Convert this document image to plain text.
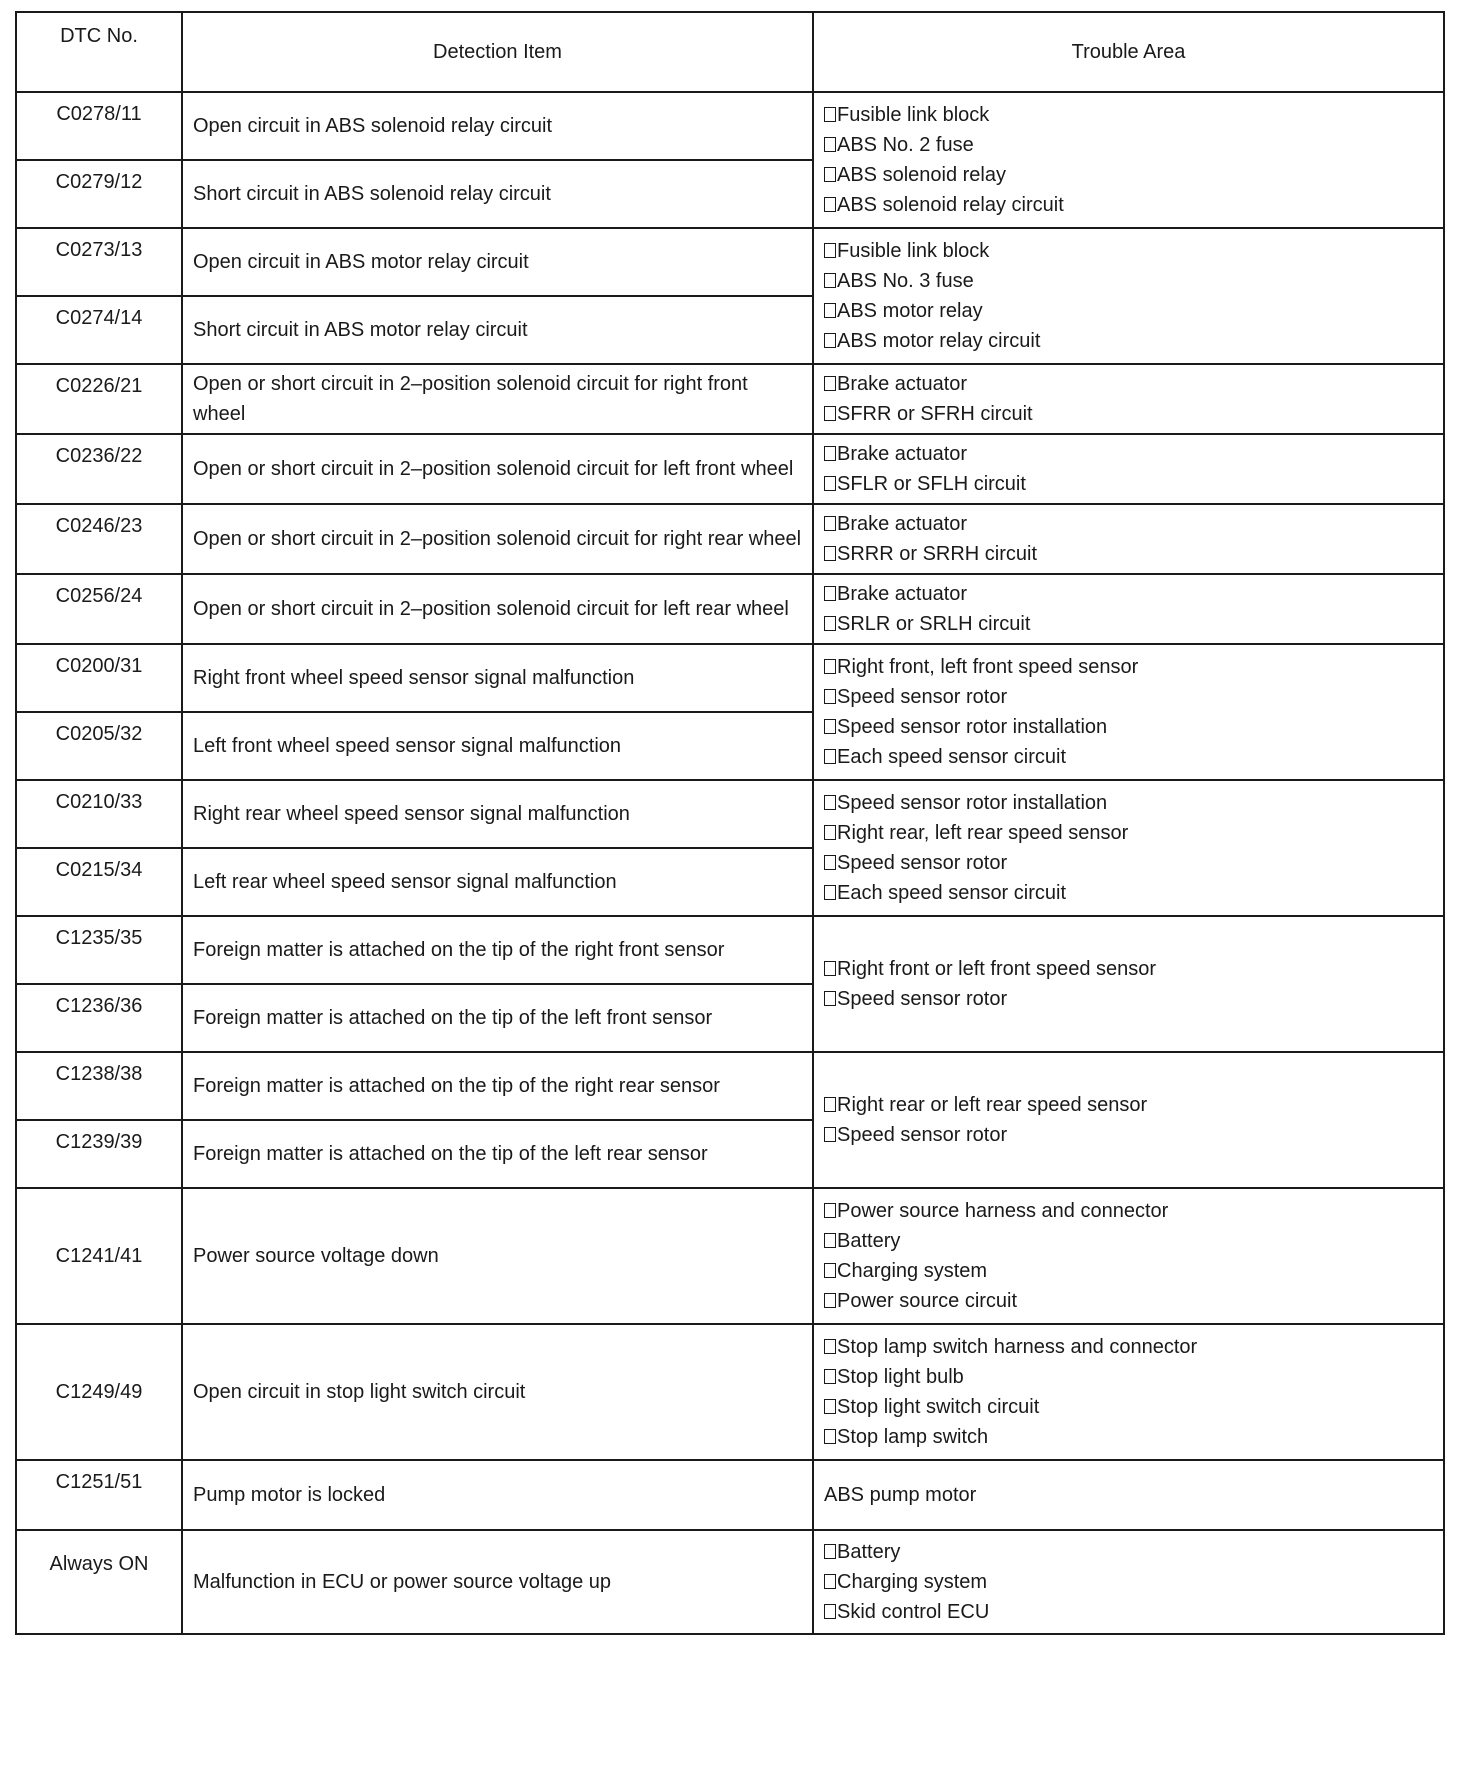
DTC No.	Detection Item	Trouble Area
C0278/11	Open circuit in ABS solenoid relay circuit	Fusible link block
ABS No. 2 fuse
ABS solenoid relay
ABS solenoid relay circuit

C0279/12	Short circuit in ABS solenoid relay circuit	
C0273/13	Open circuit in ABS motor relay circuit	Fusible link block
ABS No. 3 fuse
ABS motor relay
ABS motor relay circuit

C0274/14	Short circuit in ABS motor relay circuit	
C0226/21	Open or short circuit in 2–position solenoid circuit for right front wheel	Brake actuator
SFRR or SFRH circuit

C0236/22	Open or short circuit in 2–position solenoid circuit for left front wheel	Brake actuator
SFLR or SFLH circuit

C0246/23	Open or short circuit in 2–position solenoid circuit for right rear wheel	Brake actuator
SRRR or SRRH circuit

C0256/24	Open or short circuit in 2–position solenoid circuit for left rear wheel	Brake actuator
SRLR or SRLH circuit

C0200/31	Right front wheel speed sensor signal malfunction	Right front, left front speed sensor
Speed sensor rotor
Speed sensor rotor installation
Each speed sensor circuit

C0205/32	Left front wheel speed sensor signal malfunction	
C0210/33	Right rear wheel speed sensor signal malfunction	Speed sensor rotor installation
Right rear, left rear speed sensor
Speed sensor rotor
Each speed sensor circuit

C0215/34	Left rear wheel speed sensor signal malfunction	
C1235/35	Foreign matter is attached on the tip of the right front sensor	Right front or left front speed sensor
Speed sensor rotor

C1236/36	Foreign matter is attached on the tip of the left front sensor	
C1238/38	Foreign matter is attached on the tip of the right rear sensor	Right rear or left rear speed sensor
Speed sensor rotor

C1239/39	Foreign matter is attached on the tip of the left rear sensor	
C1241/41	Power source voltage down	Power source harness and connector
Battery
Charging system
Power source circuit

C1249/49	Open circuit in stop light switch circuit	Stop lamp switch harness and connector
Stop light bulb
Stop light switch circuit
Stop lamp switch

C1251/51	Pump motor is locked	ABS pump motor

Always ON	Malfunction in ECU or power source voltage up	Battery
Charging system
Skid control ECU
